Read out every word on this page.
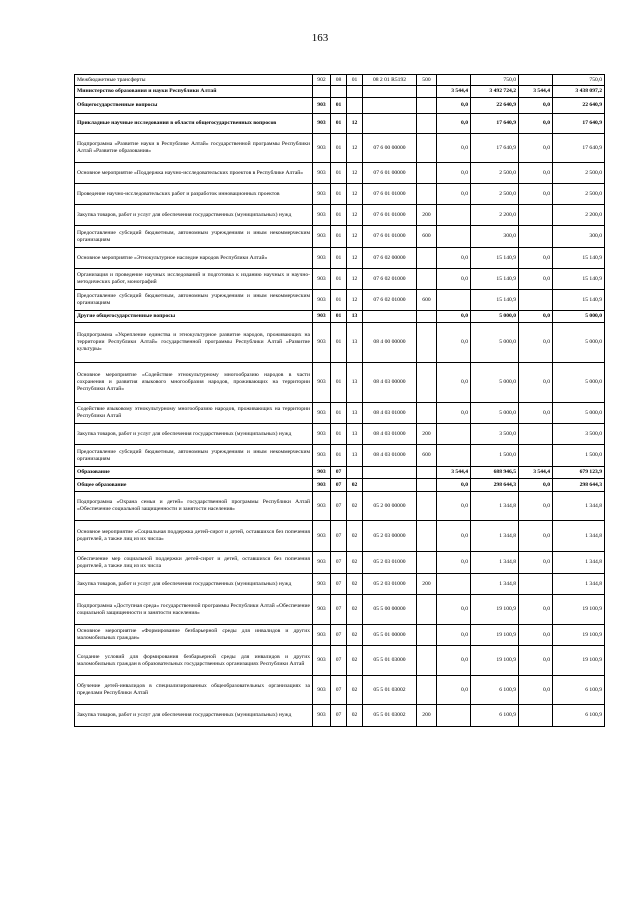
163
Межбюджетные трансферты	902	08	01	08 2 01 R5192	500		750,0		750,0
Министерство образования и науки Республики Алтай						3 544,4	3 492 724,2	3 544,4	3 438 097,2
Общегосударственные вопросы	903	01				0,0	22 640,9	0,0	22 640,9
Прикладные научные исследования в области общегосударственных вопросов	903	01	12			0,0	17 640,9	0,0	17 640,9
Подпрограмма «Развитие науки в Республике Алтай» государственной программы Республики Алтай «Развитие образования»	903	01	12	07 6 00 00000		0,0	17 640,9	0,0	17 640,9
Основное мероприятие «Поддержка научно-исследовательских проектов в Республике Алтай»	903	01	12	07 6 01 00000		0,0	2 500,0	0,0	2 500,0
Проведение научно-исследовательских работ и разработок инновационных проектов	903	01	12	07 6 01 01000		0,0	2 500,0	0,0	2 500,0
Закупка товаров, работ и услуг для обеспечения государственных (муниципальных) нужд	903	01	12	07 6 01 01000	200		2 200,0		2 200,0
Предоставление субсидий бюджетным, автономным учреждениям и иным некоммерческим организациям	903	01	12	07 6 01 01000	600		300,0		300,0
Основное мероприятие «Этнокультурное наследие народов Республики Алтай»	903	01	12	07 6 02 00000		0,0	15 140,9	0,0	15 140,9
Организация и проведение научных исследований и подготовка к изданию научных и научно-методических работ, монографий	903	01	12	07 6 02 01000		0,0	15 140,9	0,0	15 140,9
Предоставление субсидий бюджетным, автономным учреждениям и иным некоммерческим организациям	903	01	12	07 6 02 01000	600		15 140,9		15 140,9
Другие общегосударственные вопросы	903	01	13			0,0	5 000,0	0,0	5 000,0
Подпрограмма «Укрепление единства и этнокультурное развитие народов, проживающих на территории Республики Алтай» государственной программы Республики Алтай «Развитие культуры»	903	01	13	08 4 00 00000		0,0	5 000,0	0,0	5 000,0
Основное мероприятие «Содействие этнокультурному многообразию народов в части сохранения и развития языкового многообразия народов, проживающих на территории Республики Алтай»	903	01	13	08 4 03 00000		0,0	5 000,0	0,0	5 000,0
Содействие языковому этнокультурному многообразию народов, проживающих на территории Республики Алтай	903	01	13	08 4 03 01000		0,0	5 000,0	0,0	5 000,0
Закупка товаров, работ и услуг для обеспечения государственных (муниципальных) нужд	903	01	13	08 4 03 01000	200		3 500,0		3 500,0
Предоставление субсидий бюджетным, автономным учреждениям и иным некоммерческим организациям	903	01	13	08 4 03 01000	600		1 500,0		1 500,0
Образование	903	07				3 544,4	688 946,5	3 544,4	679 123,9
Общее образование	903	07	02			0,0	298 644,3	0,0	298 644,3
Подпрограмма «Охрана семьи и детей» государственной программы Республики Алтай «Обеспечение социальной защищенности и занятости населения»	903	07	02	05 2 00 00000		0,0	1 344,8	0,0	1 344,8
Основное мероприятие «Социальная поддержка детей-сирот и детей, оставшихся без попечения родителей, а также лиц из их числа»	903	07	02	05 2 03 00000		0,0	1 344,8	0,0	1 344,8
Обеспечение мер социальной поддержки детей-сирот и детей, оставшихся без попечения родителей, а также лиц из их числа	903	07	02	05 2 03 01000		0,0	1 344,8	0,0	1 344,8
Закупка товаров, работ и услуг для обеспечения государственных (муниципальных) нужд	903	07	02	05 2 03 01000	200		1 344,8		1 344,8
Подпрограмма «Доступная среда» государственной программы Республики Алтай «Обеспечение социальной защищенности и занятости населения»	903	07	02	05 5 00 00000		0,0	19 100,9	0,0	19 100,9
Основное мероприятие «Формирование безбарьерной среды для инвалидов и других маломобильных граждан»	903	07	02	05 5 01 00000		0,0	19 100,9	0,0	19 100,9
Создание условий для формирования безбарьерной среды для инвалидов и других маломобильных граждан в образовательных государственных организациях Республики Алтай	903	07	02	05 5 01 03000		0,0	19 100,9	0,0	19 100,9
Обучение детей-инвалидов в специализированных общеобразовательных организациях за пределами Республики Алтай	903	07	02	05 5 01 03002		0,0	6 100,9	0,0	6 100,9
Закупка товаров, работ и услуг для обеспечения государственных (муниципальных) нужд	903	07	02	05 5 01 03002	200		6 100,9		6 100,9
